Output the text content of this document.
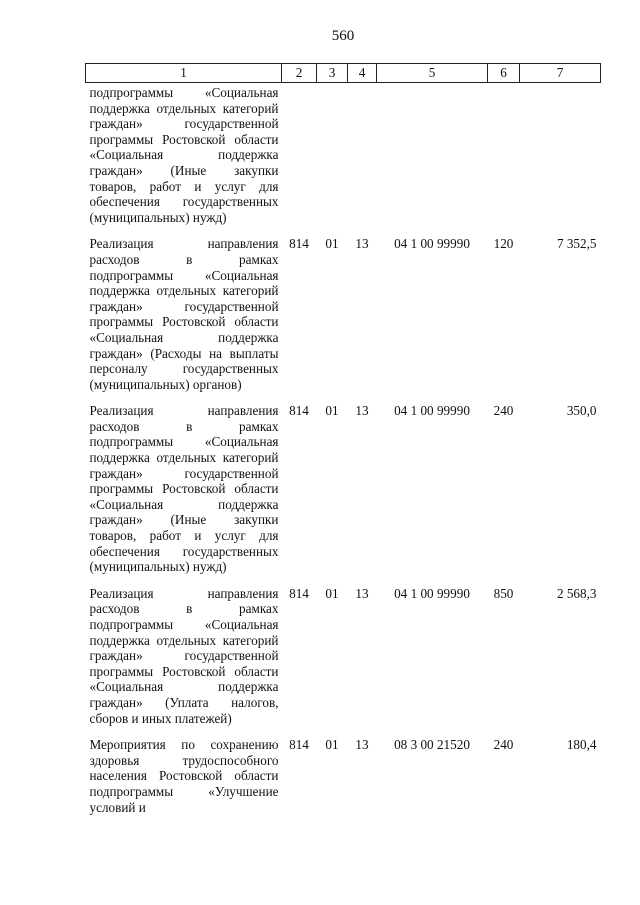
560
1	2	3	4	5	6	7
подпрограммы «Социальная поддержка отдельных категорий граждан» государственной программы Ростовской области «Социальная поддержка граждан» (Иные закупки товаров, работ и услуг для обеспечения государственных (муниципальных) нужд)						
Реализация направления расходов в рамках подпрограммы «Социальная поддержка отдельных категорий граждан» государственной программы Ростовской области «Социальная поддержка граждан» (Расходы на выплаты персоналу государственных (муниципальных) органов)	814	01	13	04 1 00 99990	120	7 352,5
Реализация направления расходов в рамках подпрограммы «Социальная поддержка отдельных категорий граждан» государственной программы Ростовской области «Социальная поддержка граждан» (Иные закупки товаров, работ и услуг для обеспечения государственных (муниципальных) нужд)	814	01	13	04 1 00 99990	240	350,0
Реализация направления расходов в рамках подпрограммы «Социальная поддержка отдельных категорий граждан» государственной программы Ростовской области «Социальная поддержка граждан» (Уплата налогов, сборов и иных платежей)	814	01	13	04 1 00 99990	850	2 568,3
Мероприятия по сохранению здоровья трудоспособного населения Ростовской области подпрограммы «Улучшение условий и	814	01	13	08 3 00 21520	240	180,4
